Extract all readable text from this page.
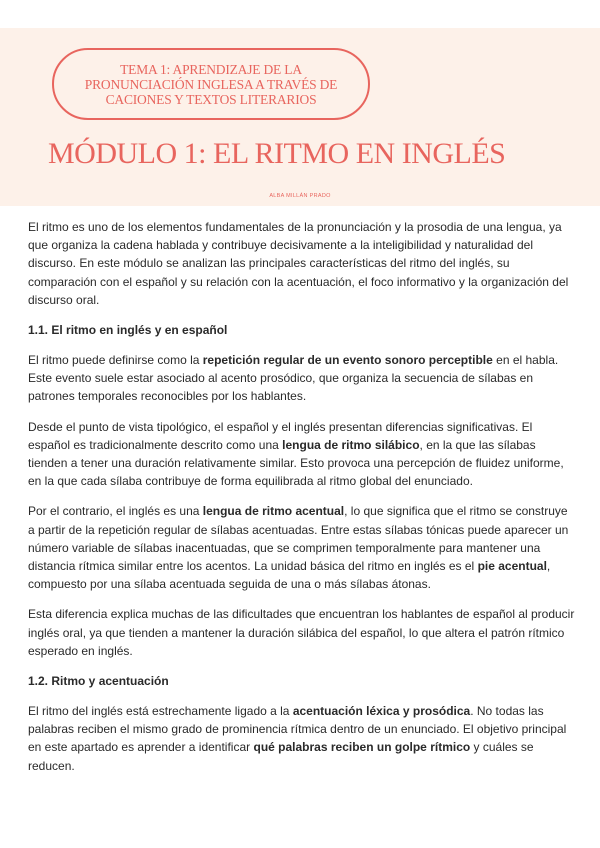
TEMA 1: APRENDIZAJE DE LA PRONUNCIACIÓN INGLESA A TRAVÉS DE CACIONES Y TEXTOS LITERARIOS
MÓDULO 1: EL RITMO EN INGLÉS
ALBA MILLÁN PRADO

El ritmo es uno de los elementos fundamentales de la pronunciación y la prosodia de una lengua, ya que organiza la cadena hablada y contribuye decisivamente a la inteligibilidad y naturalidad del discurso. En este módulo se analizan las principales características del ritmo del inglés, su comparación con el español y su relación con la acentuación, el foco informativo y la organización del discurso oral.

1.1. El ritmo en inglés y en español

El ritmo puede definirse como la repetición regular de un evento sonoro perceptible en el habla. Este evento suele estar asociado al acento prosódico, que organiza la secuencia de sílabas en patrones temporales reconocibles por los hablantes.

Desde el punto de vista tipológico, el español y el inglés presentan diferencias significativas. El español es tradicionalmente descrito como una lengua de ritmo silábico, en la que las sílabas tienden a tener una duración relativamente similar. Esto provoca una percepción de fluidez uniforme, en la que cada sílaba contribuye de forma equilibrada al ritmo global del enunciado.

Por el contrario, el inglés es una lengua de ritmo acentual, lo que significa que el ritmo se construye a partir de la repetición regular de sílabas acentuadas. Entre estas sílabas tónicas puede aparecer un número variable de sílabas inacentuadas, que se comprimen temporalmente para mantener una distancia rítmica similar entre los acentos. La unidad básica del ritmo en inglés es el pie acentual, compuesto por una sílaba acentuada seguida de una o más sílabas átonas.

Esta diferencia explica muchas de las dificultades que encuentran los hablantes de español al producir inglés oral, ya que tienden a mantener la duración silábica del español, lo que altera el patrón rítmico esperado en inglés.

1.2. Ritmo y acentuación

El ritmo del inglés está estrechamente ligado a la acentuación léxica y prosódica. No todas las palabras reciben el mismo grado de prominencia rítmica dentro de un enunciado. El objetivo principal en este apartado es aprender a identificar qué palabras reciben un golpe rítmico y cuáles se reducen.
